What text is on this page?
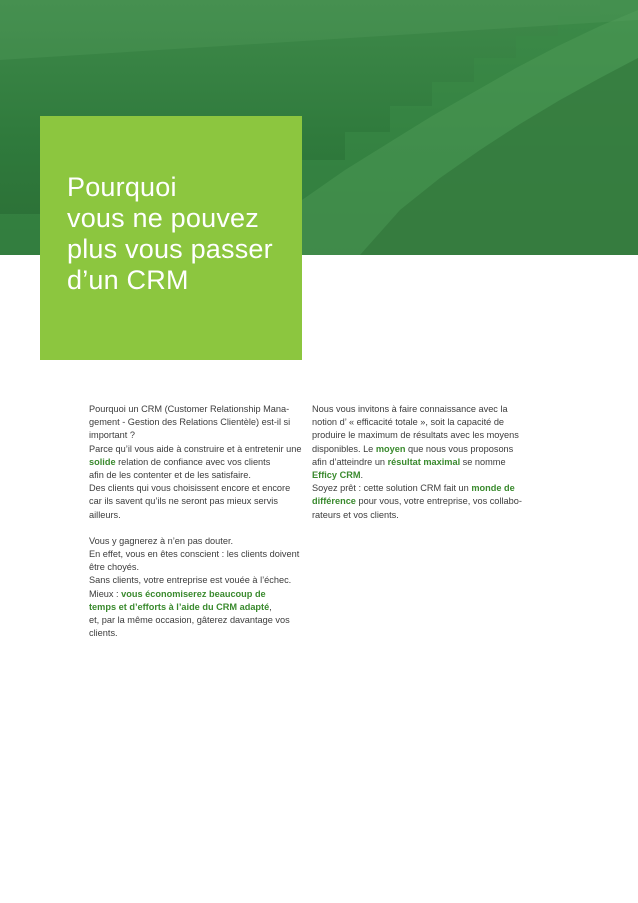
Pourquoi
vous ne pouvez
plus vous passer
d’un CRM

Pourquoi un CRM (Customer Relationship Mana-

gement - Gestion des Relations Clientèle) est-il si

important ?

Parce qu’il vous aide à construire et à entretenir une

solide relation de confiance avec vos clients

afin de les contenter et de les satisfaire.

Des clients qui vous choisissent encore et encore

car ils savent qu’ils ne seront pas mieux servis

ailleurs.

Vous y gagnerez à n’en pas douter.

En effet, vous en êtes conscient : les clients doivent

être choyés.

Sans clients, votre entreprise est vouée à l’échec.

Mieux : vous économiserez beaucoup de

temps et d’efforts à l’aide du CRM adapté,

et, par la même occasion, gâterez davantage vos

clients.

Nous vous invitons à faire connaissance avec la

notion d’ « efficacité totale », soit la capacité de

produire le maximum de résultats avec les moyens

disponibles. Le moyen que nous vous proposons

afin d’atteindre un résultat maximal se nomme

Efficy CRM.

Soyez prêt : cette solution CRM fait un monde de

différence pour vous, votre entreprise, vos collabo-

rateurs et vos clients.
